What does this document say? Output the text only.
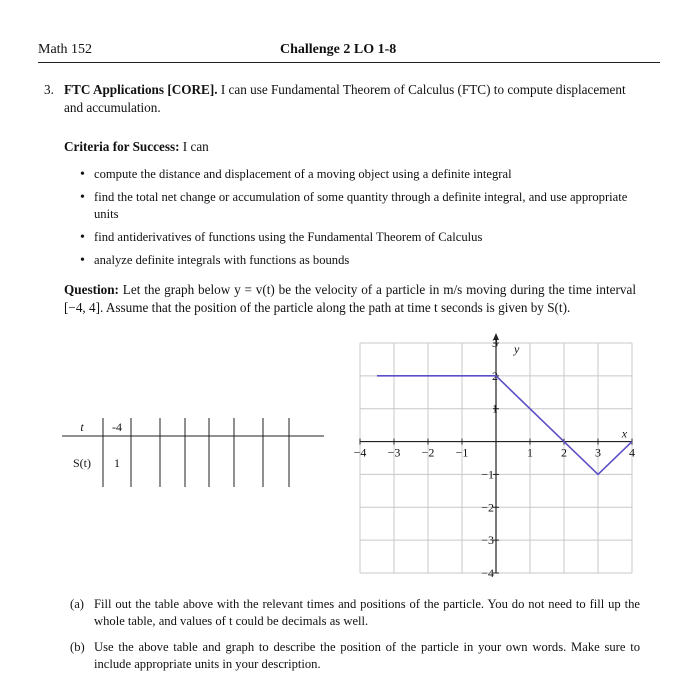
Math 152	Challenge 2 LO 1-8
3. FTC Applications [CORE]. I can use Fundamental Theorem of Calculus (FTC) to compute displacement and accumulation.
Criteria for Success: I can
• compute the distance and displacement of a moving object using a definite integral
• find the total net change or accumulation of some quantity through a definite integral, and use appropriate units
• find antiderivatives of functions using the Fundamental Theorem of Calculus
• analyze definite integrals with functions as bounds
Question: Let the graph below y = v(t) be the velocity of a particle in m/s moving during the time interval [−4, 4]. Assume that the position of the particle along the path at time t seconds is given by S(t).
t -4
S(t) 1
−4 −3 −2 −1	1 2 3 4
3
2
1
−1
−2
−3
−4
x
y
(a) Fill out the table above with the relevant times and positions of the particle. You do not need to fill up the whole table, and values of t could be decimals as well.
(b) Use the above table and graph to describe the position of the particle in your own words. Make sure to include appropriate units in your description.
